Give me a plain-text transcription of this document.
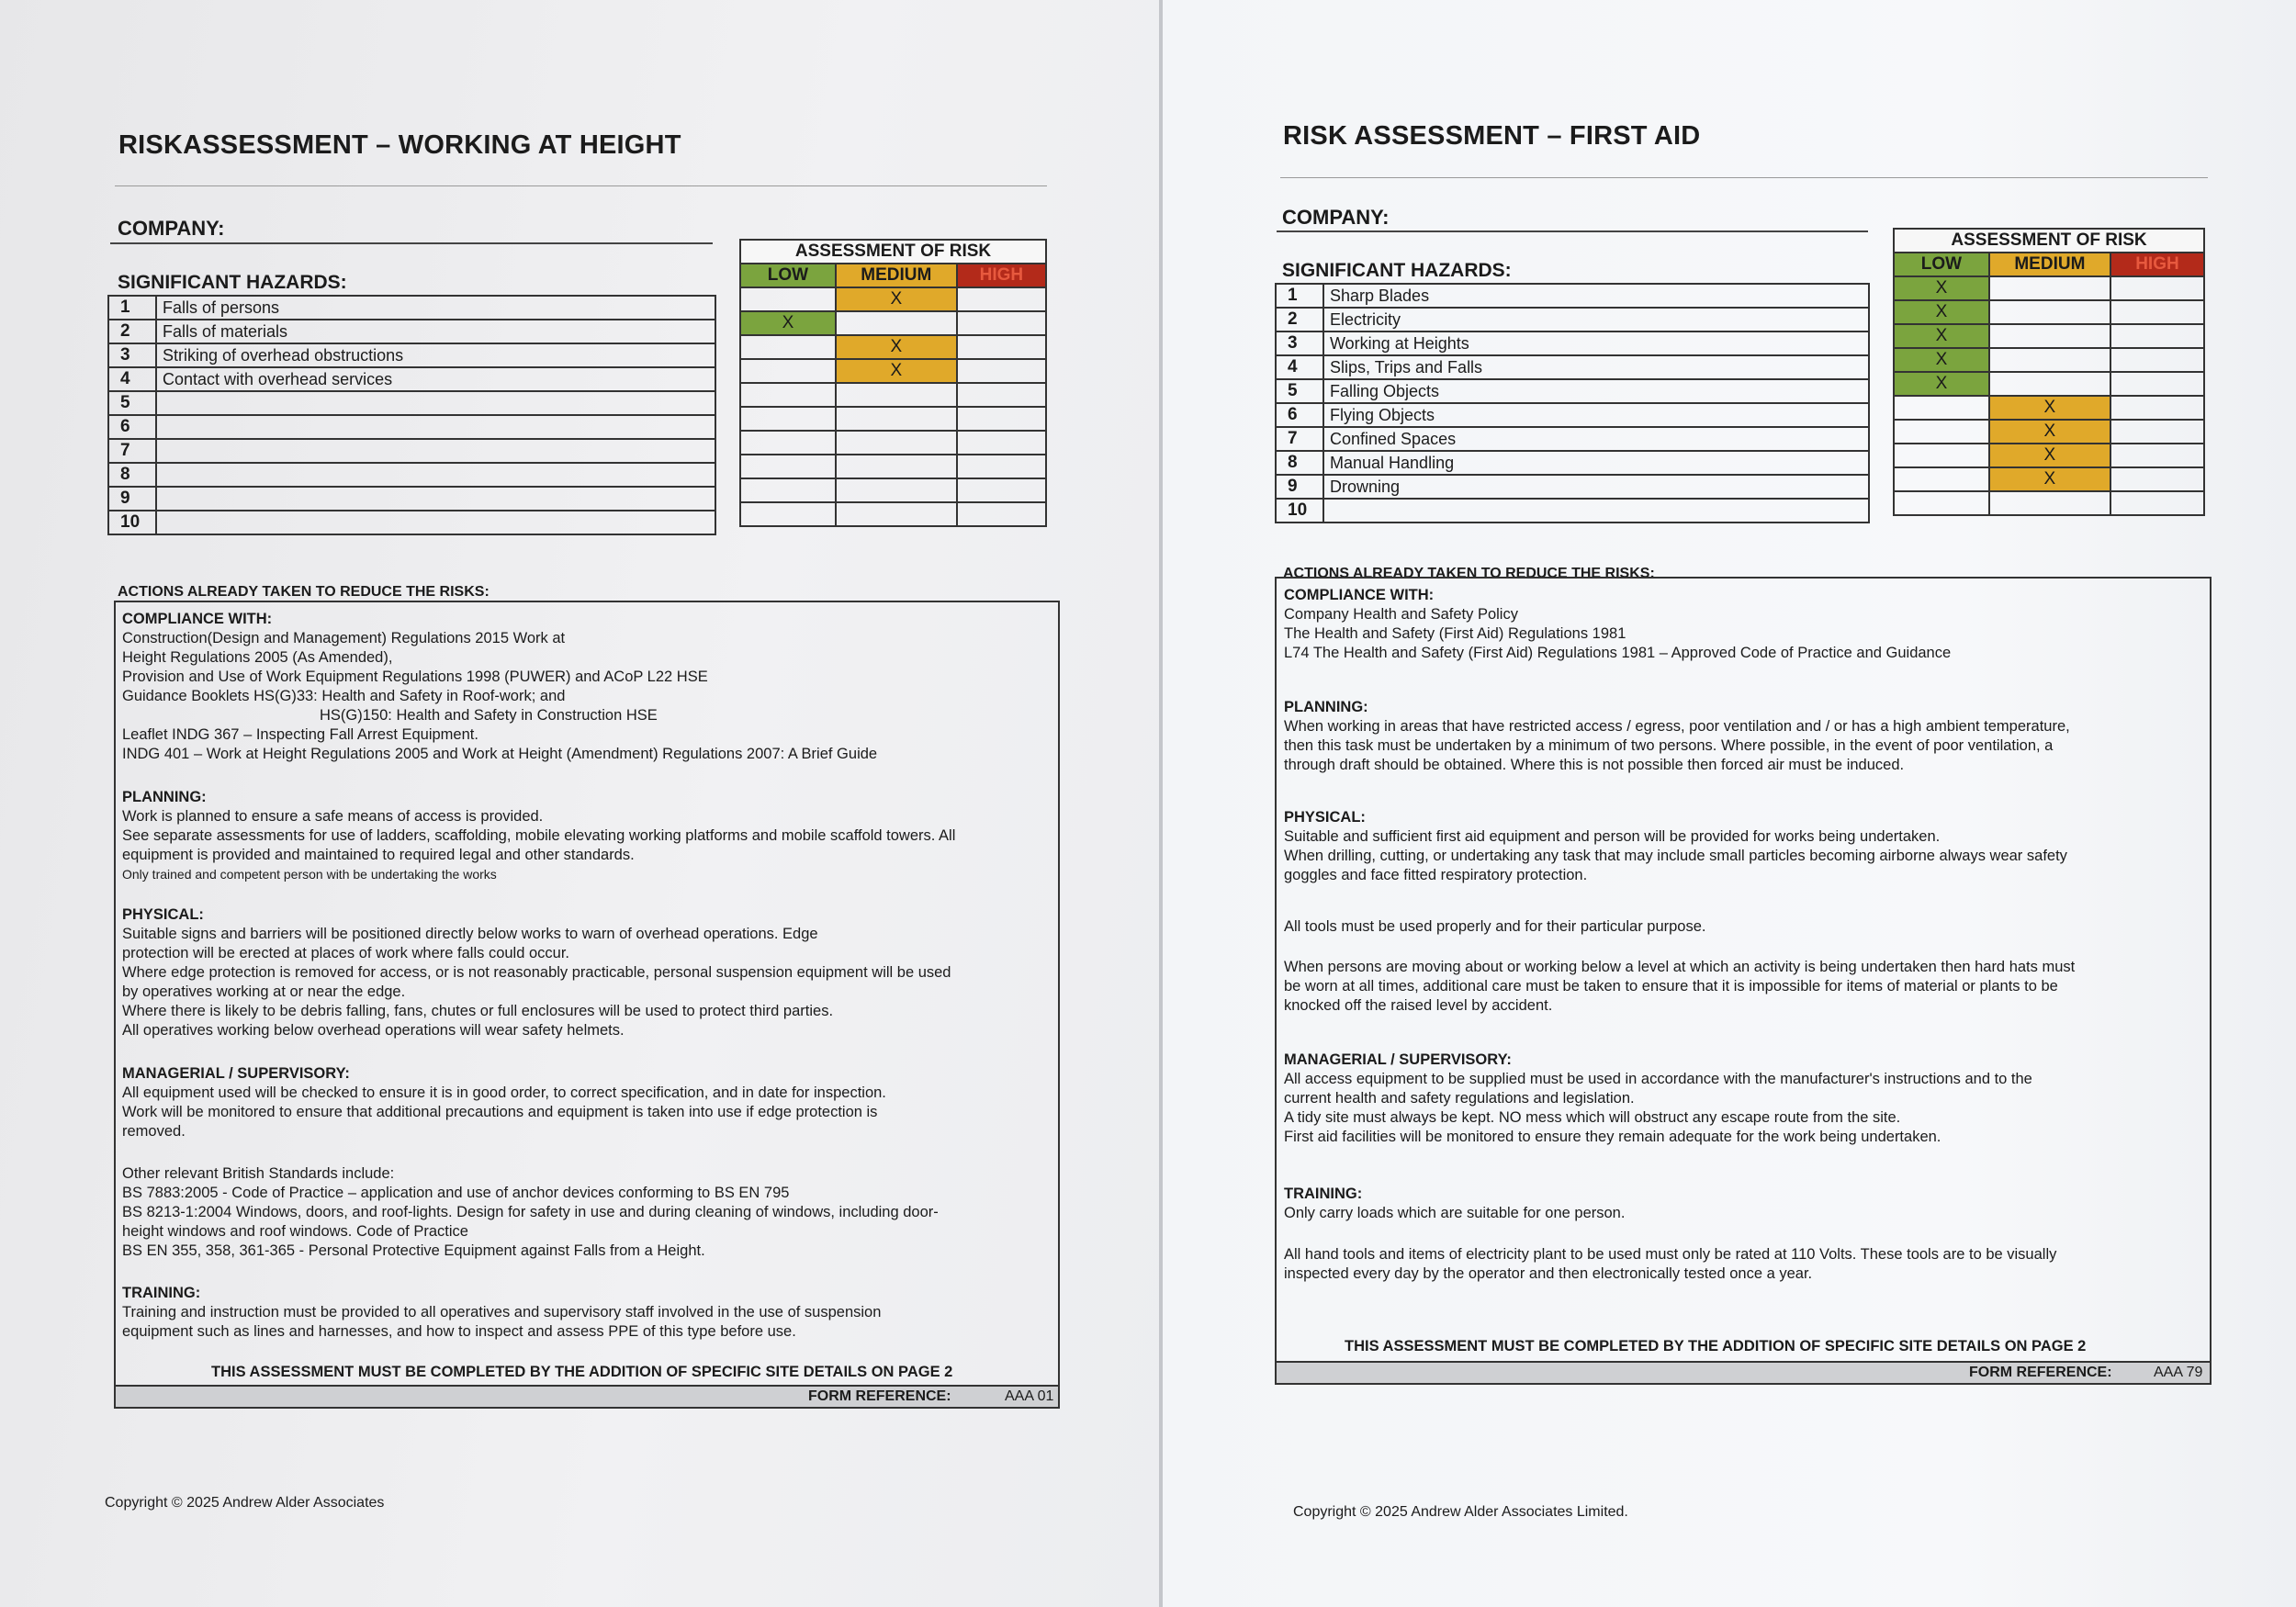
RISKASSESSMENT – WORKING AT HEIGHT
COMPANY:
SIGNIFICANT HAZARDS:
1	Falls of persons
2	Falls of materials
3	Striking of overhead obstructions
4	Contact with overhead services
5	
6	
7	
8	
9	
10	
ASSESSMENT OF RISK		
LOW	MEDIUM	HIGH
	X	
X		
	X	
	X	

ACTIONS ALREADY TAKEN TO REDUCE THE RISKS:
COMPLIANCE WITH:
Construction(Design and Management) Regulations 2015 Work at
Height Regulations 2005 (As Amended),
Provision and Use of Work Equipment Regulations 1998 (PUWER) and ACoP L22 HSE
Guidance Booklets HS(G)33: Health and Safety in Roof-work; and
HS(G)150: Health and Safety in Construction HSE
Leaflet INDG 367 – Inspecting Fall Arrest Equipment.
INDG 401 – Work at Height Regulations 2005 and Work at Height (Amendment) Regulations 2007: A Brief Guide
PLANNING:
Work is planned to ensure a safe means of access is provided.
See separate assessments for use of ladders, scaffolding, mobile elevating working platforms and mobile scaffold towers. All
equipment is provided and maintained to required legal and other standards.
Only trained and competent person with be undertaking the works
PHYSICAL:
Suitable signs and barriers will be positioned directly below works to warn of overhead operations. Edge
protection will be erected at places of work where falls could occur.
Where edge protection is removed for access, or is not reasonably practicable, personal suspension equipment will be used
by operatives working at or near the edge.
Where there is likely to be debris falling, fans, chutes or full enclosures will be used to protect third parties.
All operatives working below overhead operations will wear safety helmets.
MANAGERIAL / SUPERVISORY:
All equipment used will be checked to ensure it is in good order, to correct specification, and in date for inspection.
Work will be monitored to ensure that additional precautions and equipment is taken into use if edge protection is
removed.
Other relevant British Standards include:
BS 7883:2005 - Code of Practice – application and use of anchor devices conforming to BS EN 795
BS 8213-1:2004 Windows, doors, and roof-lights. Design for safety in use and during cleaning of windows, including door-
height windows and roof windows. Code of Practice
BS EN 355, 358, 361-365 - Personal Protective Equipment against Falls from a Height.
TRAINING:
Training and instruction must be provided to all operatives and supervisory staff involved in the use of suspension
equipment such as lines and harnesses, and how to inspect and assess PPE of this type before use.
THIS ASSESSMENT MUST BE COMPLETED BY THE ADDITION OF SPECIFIC SITE DETAILS ON PAGE 2
FORM REFERENCE:	AAA 01
Copyright © 2025 Andrew Alder Associates
RISK ASSESSMENT – FIRST AID
COMPANY:
SIGNIFICANT HAZARDS:
1	Sharp Blades
2	Electricity
3	Working at Heights
4	Slips, Trips and Falls
5	Falling Objects
6	Flying Objects
7	Confined Spaces
8	Manual Handling
9	Drowning
10	
ASSESSMENT OF RISK		
LOW	MEDIUM	HIGH
X		
X		
X		
X		
X		
	X	
	X	
	X	
	X	

ACTIONS ALREADY TAKEN TO REDUCE THE RISKS:
COMPLIANCE WITH:
Company Health and Safety Policy
The Health and Safety (First Aid) Regulations 1981
L74 The Health and Safety (First Aid) Regulations 1981 – Approved Code of Practice and Guidance
PLANNING:
When working in areas that have restricted access / egress, poor ventilation and / or has a high ambient temperature,
then this task must be undertaken by a minimum of two persons. Where possible, in the event of poor ventilation, a
through draft should be obtained. Where this is not possible then forced air must be induced.
PHYSICAL:
Suitable and sufficient first aid equipment and person will be provided for works being undertaken.
When drilling, cutting, or undertaking any task that may include small particles becoming airborne always wear safety
goggles and face fitted respiratory protection.
All tools must be used properly and for their particular purpose.
When persons are moving about or working below a level at which an activity is being undertaken then hard hats must
be worn at all times, additional care must be taken to ensure that it is impossible for items of material or plants to be
knocked off the raised level by accident.
MANAGERIAL / SUPERVISORY:
All access equipment to be supplied must be used in accordance with the manufacturer's instructions and to the
current health and safety regulations and legislation.
A tidy site must always be kept. NO mess which will obstruct any escape route from the site.
First aid facilities will be monitored to ensure they remain adequate for the work being undertaken.
TRAINING:
Only carry loads which are suitable for one person.
All hand tools and items of electricity plant to be used must only be rated at 110 Volts. These tools are to be visually
inspected every day by the operator and then electronically tested once a year.
THIS ASSESSMENT MUST BE COMPLETED BY THE ADDITION OF SPECIFIC SITE DETAILS ON PAGE 2
FORM REFERENCE:	AAA 79
Copyright © 2025 Andrew Alder Associates Limited.
